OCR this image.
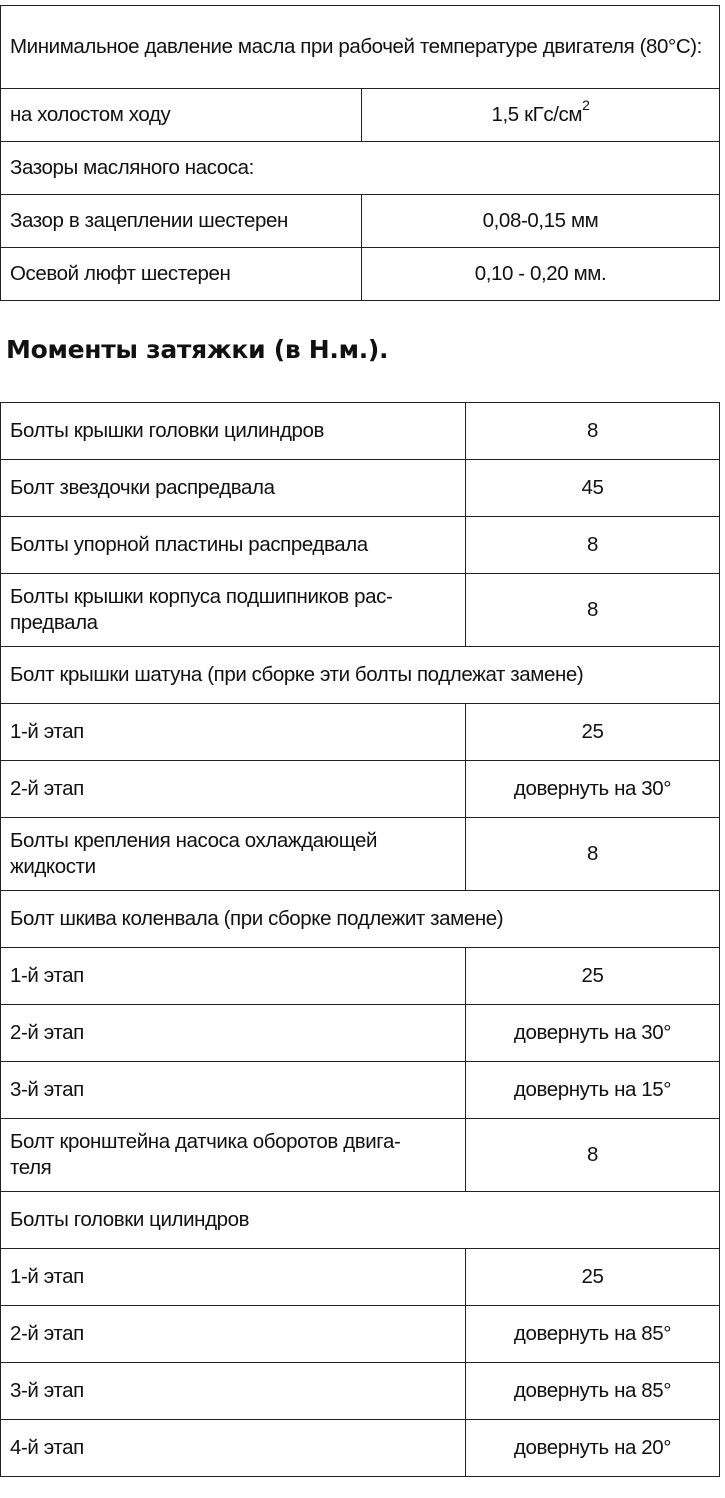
Минимальное давление масла при рабочей температуре двигателя (80°С):	
на холостом ходу	1,5 кГс/$см^2$
Зазоры масляного насоса:	
Зазор в зацеплении шестерен	0,08-0,15 мм
Осевой люфт шестерен	0,10 - 0,20 мм.
Моменты затяжки (в Н.м.).
Болты крышки головки цилиндров	8
Болт звездочки распредвала	45
Болты упорной пластины распредвала	8
Болты крышки корпуса подшипников рас-
предвала	8
Болт крышки шатуна (при сборке эти болты подлежат замене)	
1-й этап	25
2-й этап	довернуть на 30°
Болты крепления насоса охлаждающей
жидкости	8
Болт шкива коленвала (при сборке подлежит замене)	
1-й этап	25
2-й этап	довернуть на 30°
3-й этап	довернуть на 15°
Болт кронштейна датчика оборотов двига-
теля	8
Болты головки цилиндров	
1-й этап	25
2-й этап	довернуть на 85°
3-й этап	довернуть на 85°
4-й этап	довернуть на 20°
